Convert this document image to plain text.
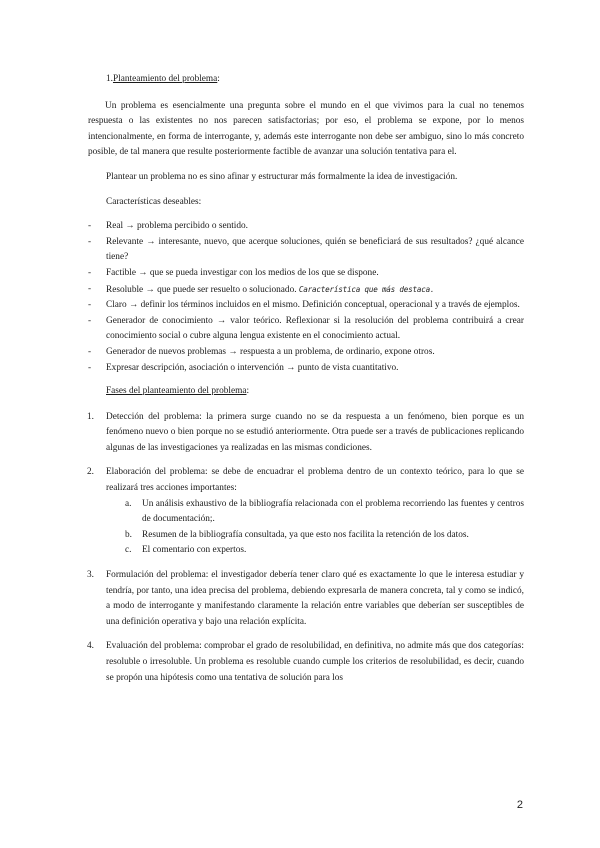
1.Planteamiento del problema:

Un problema es esencialmente una pregunta sobre el mundo en el que vivimos para la cual no tenemos respuesta o las existentes no nos parecen satisfactorias; por eso, el problema se expone, por lo menos intencionalmente, en forma de interrogante, y, además este interrogante non debe ser ambiguo, sino lo más concreto posible, de tal manera que resulte posteriormente factible de avanzar una solución tentativa para el.

Plantear un problema no es sino afinar y estructurar más formalmente la idea de investigación.

Características deseables:

- Real → problema percibido o sentido.
- Relevante → interesante, nuevo, que acerque soluciones, quién se beneficiará de sus resultados? ¿qué alcance tiene?
- Factible → que se pueda investigar con los medios de los que se dispone.
- Resoluble → que puede ser resuelto o solucionado. Característica que más destaca.
- Claro → definir los términos incluidos en el mismo. Definición conceptual, operacional y a través de ejemplos.
- Generador de conocimiento → valor teórico. Reflexionar si la resolución del problema contribuirá a crear conocimiento social o cubre alguna lengua existente en el conocimiento actual.
- Generador de nuevos problemas → respuesta a un problema, de ordinario, expone otros.
- Expresar descripción, asociación o intervención → punto de vista cuantitativo.

Fases del planteamiento del problema:

1. Detección del problema: la primera surge cuando no se da respuesta a un fenómeno, bien porque es un fenómeno nuevo o bien porque no se estudió anteriormente. Otra puede ser a través de publicaciones replicando algunas de las investigaciones ya realizadas en las mismas condiciones.
2. Elaboración del problema: se debe de encuadrar el problema dentro de un contexto teórico, para lo que se realizará tres acciones importantes:
a. Un análisis exhaustivo de la bibliografía relacionada con el problema recorriendo las fuentes y centros de documentación;.
b. Resumen de la bibliografía consultada, ya que esto nos facilita la retención de los datos.
c. El comentario con expertos.
3. Formulación del problema: el investigador debería tener claro qué es exactamente lo que le interesa estudiar y tendría, por tanto, una idea precisa del problema, debiendo expresarla de manera concreta, tal y como se indicó, a modo de interrogante y manifestando claramente la relación entre variables que deberían ser susceptibles de una definición operativa y bajo una relación explícita.
4. Evaluación del problema: comprobar el grado de resolubilidad, en definitiva, no admite más que dos categorías: resoluble o irresoluble. Un problema es resoluble cuando cumple los criterios de resolubilidad, es decir, cuando se propón una hipótesis como una tentativa de solución para los
2
